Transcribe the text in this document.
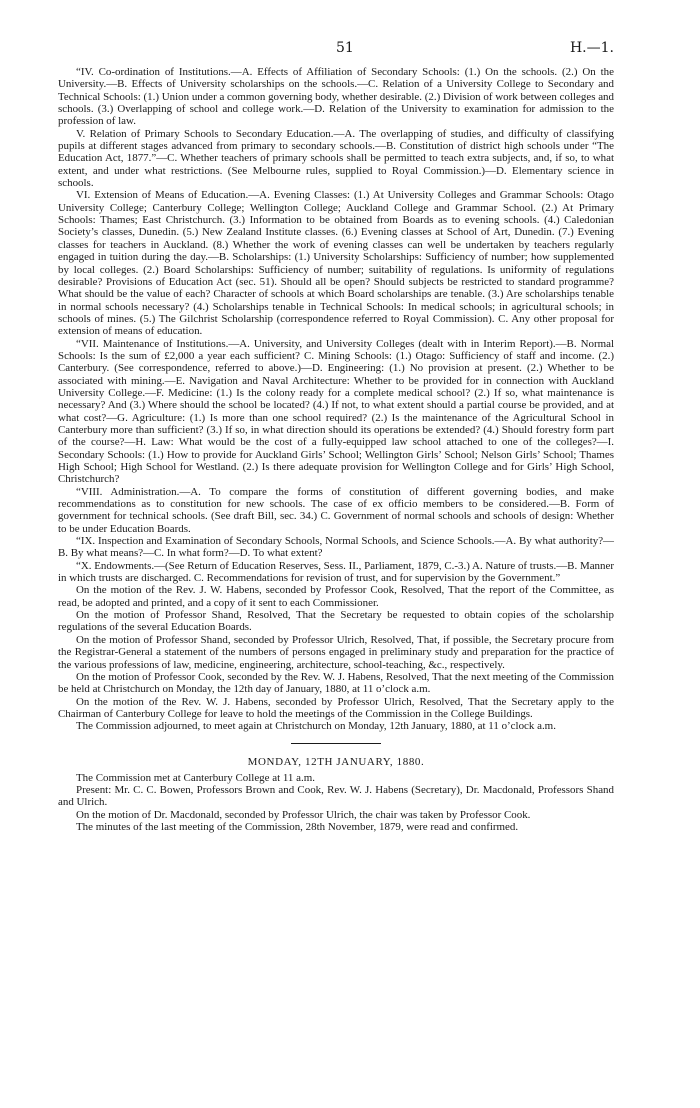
51	H.—1.

“IV. Co-ordination of Institutions.—A. Effects of Affiliation of Secondary Schools: (1.) On the schools. (2.) On the University.—B. Effects of University scholarships on the schools.—C. Relation of a University College to Secondary and Technical Schools: (1.) Union under a common governing body, whether desirable. (2.) Division of work between colleges and schools. (3.) Overlapping of school and college work.—D. Relation of the University to examination for admission to the profession of law.

V. Relation of Primary Schools to Secondary Education.—A. The overlapping of studies, and difficulty of classifying pupils at different stages advanced from primary to secondary schools.—B. Constitution of district high schools under “The Education Act, 1877.”—C. Whether teachers of primary schools shall be permitted to teach extra subjects, and, if so, to what extent, and under what restrictions. (See Melbourne rules, supplied to Royal Commission.)—D. Elementary science in schools.

VI. Extension of Means of Education.—A. Evening Classes: (1.) At University Colleges and Grammar Schools: Otago University College; Canterbury College; Wellington College; Auckland College and Grammar School. (2.) At Primary Schools: Thames; East Christchurch. (3.) Information to be obtained from Boards as to evening schools. (4.) Caledonian Society’s classes, Dunedin. (5.) New Zealand Institute classes. (6.) Evening classes at School of Art, Dunedin. (7.) Evening classes for teachers in Auckland. (8.) Whether the work of evening classes can well be undertaken by teachers regularly engaged in tuition during the day.—B. Scholarships: (1.) University Scholarships: Sufficiency of number; how supplemented by local colleges. (2.) Board Scholarships: Sufficiency of number; suitability of regulations. Is uniformity of regulations desirable? Provisions of Education Act (sec. 51). Should all be open? Should subjects be restricted to standard programme? What should be the value of each? Character of schools at which Board scholarships are tenable. (3.) Are scholarships tenable in normal schools necessary? (4.) Scholarships tenable in Technical Schools: In medical schools; in agricultural schools; in schools of mines. (5.) The Gilchrist Scholarship (correspondence referred to Royal Commission). C. Any other proposal for extension of means of education.

“VII. Maintenance of Institutions.—A. University, and University Colleges (dealt with in Interim Report).—B. Normal Schools: Is the sum of £2,000 a year each sufficient? C. Mining Schools: (1.) Otago: Sufficiency of staff and income. (2.) Canterbury. (See correspondence, referred to above.)—D. Engineering: (1.) No provision at present. (2.) Whether to be associated with mining.—E. Navigation and Naval Architecture: Whether to be provided for in connection with Auckland University College.—F. Medicine: (1.) Is the colony ready for a complete medical school? (2.) If so, what maintenance is necessary? And (3.) Where should the school be located? (4.) If not, to what extent should a partial course be provided, and at what cost?—G. Agriculture: (1.) Is more than one school required? (2.) Is the maintenance of the Agricultural School in Canterbury more than sufficient? (3.) If so, in what direction should its operations be extended? (4.) Should forestry form part of the course?—H. Law: What would be the cost of a fully-equipped law school attached to one of the colleges?—I. Secondary Schools: (1.) How to provide for Auckland Girls’ School; Wellington Girls’ School; Nelson Girls’ School; Thames High School; High School for Westland. (2.) Is there adequate provision for Wellington College and for Girls’ High School, Christchurch?

“VIII. Administration.—A. To compare the forms of constitution of different governing bodies, and make recommendations as to constitution for new schools. The case of ex officio members to be considered.—B. Form of government for technical schools. (See draft Bill, sec. 34.) C. Government of normal schools and schools of design: Whether to be under Education Boards.

“IX. Inspection and Examination of Secondary Schools, Normal Schools, and Science Schools.—A. By what authority?—B. By what means?—C. In what form?—D. To what extent?

“X. Endowments.—(See Return of Education Reserves, Sess. II., Parliament, 1879, C.-3.) A. Nature of trusts.—B. Manner in which trusts are discharged. C. Recommendations for revision of trust, and for supervision by the Government.”

On the motion of the Rev. J. W. Habens, seconded by Professor Cook, Resolved, That the report of the Committee, as read, be adopted and printed, and a copy of it sent to each Commissioner.

On the motion of Professor Shand, Resolved, That the Secretary be requested to obtain copies of the scholarship regulations of the several Education Boards.

On the motion of Professor Shand, seconded by Professor Ulrich, Resolved, That, if possible, the Secretary procure from the Registrar-General a statement of the numbers of persons engaged in preliminary study and preparation for the practice of the various professions of law, medicine, engineering, architecture, school-teaching, &c., respectively.

On the motion of Professor Cook, seconded by the Rev. W. J. Habens, Resolved, That the next meeting of the Commission be held at Christchurch on Monday, the 12th day of January, 1880, at 11 o’clock a.m.

On the motion of the Rev. W. J. Habens, seconded by Professor Ulrich, Resolved, That the Secretary apply to the Chairman of Canterbury College for leave to hold the meetings of the Commission in the College Buildings.

The Commission adjourned, to meet again at Christchurch on Monday, 12th January, 1880, at 11 o’clock a.m.

MONDAY, 12TH JANUARY, 1880.

The Commission met at Canterbury College at 11 a.m.

Present: Mr. C. C. Bowen, Professors Brown and Cook, Rev. W. J. Habens (Secretary), Dr. Macdonald, Professors Shand and Ulrich.

On the motion of Dr. Macdonald, seconded by Professor Ulrich, the chair was taken by Professor Cook.

The minutes of the last meeting of the Commission, 28th November, 1879, were read and confirmed.
